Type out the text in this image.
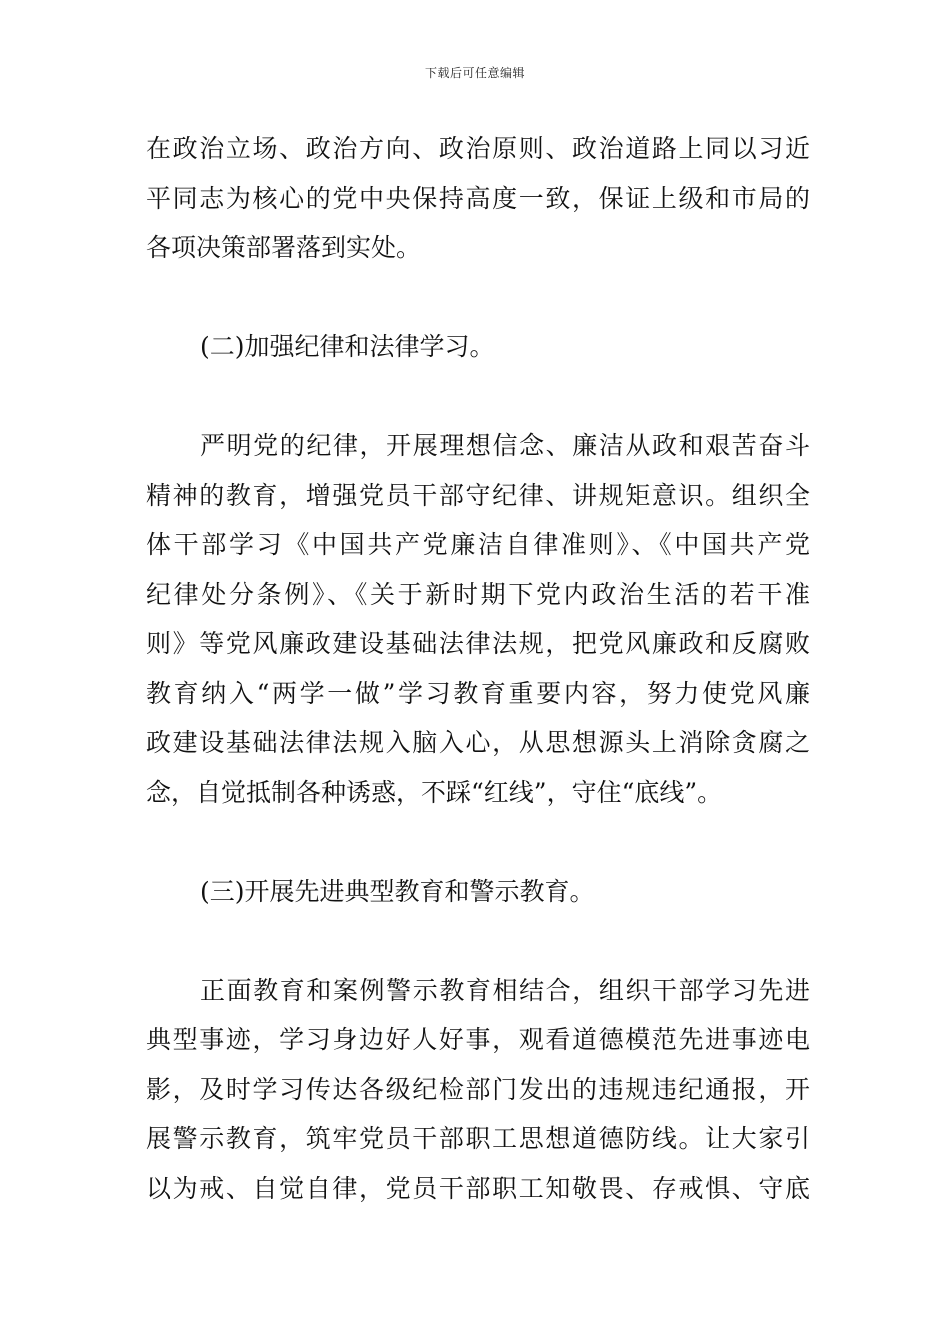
下载后可任意编辑
在政治立场、政治方向、政治原则、政治道路上同以习近
平同志为核心的党中央保持高度一致，保证上级和市局的
各项决策部署落到实处。
(二)加强纪律和法律学习。
严明党的纪律，开展理想信念、廉洁从政和艰苦奋斗
精神的教育，增强党员干部守纪律、讲规矩意识。组织全
体干部学习《中国共产党廉洁自律准则》、《中国共产党
纪律处分条例》、《关于新时期下党内政治生活的若干准
则》等党风廉政建设基础法律法规，把党风廉政和反腐败
教育纳入“两学一做”学习教育重要内容，努力使党风廉
政建设基础法律法规入脑入心，从思想源头上消除贪腐之
念，自觉抵制各种诱惑，不踩“红线”，守住“底线”。
(三)开展先进典型教育和警示教育。
正面教育和案例警示教育相结合，组织干部学习先进
典型事迹，学习身边好人好事，观看道德模范先进事迹电
影，及时学习传达各级纪检部门发出的违规违纪通报，开
展警示教育，筑牢党员干部职工思想道德防线。让大家引
以为戒、自觉自律，党员干部职工知敬畏、存戒惧、守底
